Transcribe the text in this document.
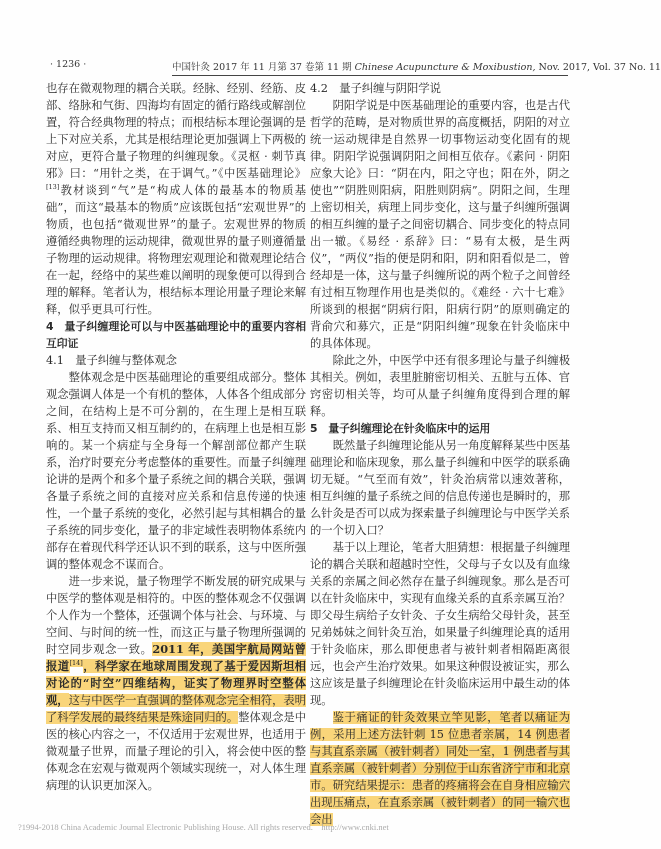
· 1236 ·	中国针灸 2017 年 11 月第 37 卷第 11 期 Chinese Acupuncture & Moxibustion, Nov. 2017, Vol. 37 No. 11

也存在微观物理的耦合关联。经脉、经别、经筋、皮部、络脉和气街、四海均有固定的循行路线或解剖位置，符合经典物理的特点；而根结标本理论强调的是上下对应关系，尤其是根结理论更加强调上下两极的对应，更符合量子物理的纠缠现象。《灵枢 · 刺节真邪》曰：“用针之类，在于调气。”《中医基础理论》[13]教材谈到“气”是“构成人体的最基本的物质基础”，而这“最基本的物质”应该既包括“宏观世界”的物质，也包括“微观世界”的量子。宏观世界的物质遵循经典物理的运动规律，微观世界的量子则遵循量子物理的运动规律。将物理宏观理论和微观理论结合在一起，经络中的某些难以阐明的现象便可以得到合理的解释。笔者认为，根结标本理论用量子理论来解释，似乎更具可行性。

4 量子纠缠理论可以与中医基础理论中的重要内容相互印证

4.1 量子纠缠与整体观念

整体观念是中医基础理论的重要组成部分。整体观念强调人体是一个有机的整体，人体各个组成部分之间，在结构上是不可分割的，在生理上是相互联系、相互支持而又相互制约的，在病理上也是相互影响的。某一个病症与全身每一个解剖部位都产生联系，治疗时要充分考虑整体的重要性。而量子纠缠理论讲的是两个和多个量子系统之间的耦合关联，强调各量子系统之间的直接对应关系和信息传递的快速性，一个量子系统的变化，必然引起与其相耦合的量子系统的同步变化，量子的非定域性表明物体系统内部存在着现代科学还认识不到的联系，这与中医所强调的整体观念不谋而合。

进一步来说，量子物理学不断发展的研究成果与中医学的整体观是相符的。中医的整体观念不仅强调个人作为一个整体，还强调个体与社会、与环境、与空间、与时间的统一性，而这正与量子物理所强调的时空同步观念一致。2011 年，美国宇航局网站曾报道[14]，科学家在地球周围发现了基于爱因斯坦相对论的“时空”四维结构，证实了物理界时空整体观，这与中医学一直强调的整体观念完全相符，表明了科学发展的最终结果是殊途同归的。整体观念是中医的核心内容之一，不仅适用于宏观世界，也适用于微观量子世界，而量子理论的引入，将会使中医的整体观念在宏观与微观两个领域实现统一，对人体生理病理的认识更加深入。

4.2 量子纠缠与阴阳学说

阴阳学说是中医基础理论的重要内容，也是古代哲学的范畴，是对物质世界的高度概括，阴阳的对立统一运动规律是自然界一切事物运动变化固有的规律。阴阳学说强调阴阳之间相互依存。《素问 · 阴阳应象大论》曰：“阴在内，阳之守也；阳在外，阴之使也”“阴胜则阳病，阳胜则阴病”。阴阳之间，生理上密切相关，病理上同步变化，这与量子纠缠所强调的相互纠缠的量子之间密切耦合、同步变化的特点同出一辙。《易经 · 系辞》曰：“易有太极，是生两仪”，“两仪”指的便是阴和阳，阴和阳看似是二，曾经却是一体，这与量子纠缠所说的两个粒子之间曾经有过相互物理作用也是类似的。《难经 · 六十七难》所谈到的根据“阴病行阳，阳病行阴”的原则确定的背俞穴和募穴，正是“阴阳纠缠”现象在针灸临床中的具体体现。

除此之外，中医学中还有很多理论与量子纠缠极其相关。例如，表里脏腑密切相关、五脏与五体、官窍密切相关等，均可从量子纠缠角度得到合理的解释。

5 量子纠缠理论在针灸临床中的运用

既然量子纠缠理论能从另一角度解释某些中医基础理论和临床现象，那么量子纠缠和中医学的联系确切无疑。“气至而有效”，针灸治病常以速效著称，相互纠缠的量子系统之间的信息传递也是瞬时的，那么针灸是否可以成为探索量子纠缠理论与中医学关系的一个切入口？

基于以上理论，笔者大胆猜想：根据量子纠缠理论的耦合关联和超越时空性，父母与子女以及有血缘关系的亲属之间必然存在量子纠缠现象。那么是否可以在针灸临床中，实现有血缘关系的直系亲属互治？即父母生病给子女针灸、子女生病给父母针灸，甚至兄弟姊妹之间针灸互治，如果量子纠缠理论真的适用于针灸临床，那么即便患者与被针刺者相隔距离很远，也会产生治疗效果。如果这种假设被证实，那么这应该是量子纠缠理论在针灸临床运用中最生动的体现。

鉴于痛证的针灸效果立竿见影，笔者以痛证为例，采用上述方法针刺 15 位患者亲属，14 例患者与其直系亲属（被针刺者）同处一室，1 例患者与其直系亲属（被针刺者）分别位于山东省济宁市和北京市。研究结果提示：患者的疼痛将会在自身相应输穴出现压痛点，在直系亲属（被针刺者）的同一输穴也会出

?1994-2018 China Academic Journal Electronic Publishing House. All rights reserved. http://www.cnki.net
